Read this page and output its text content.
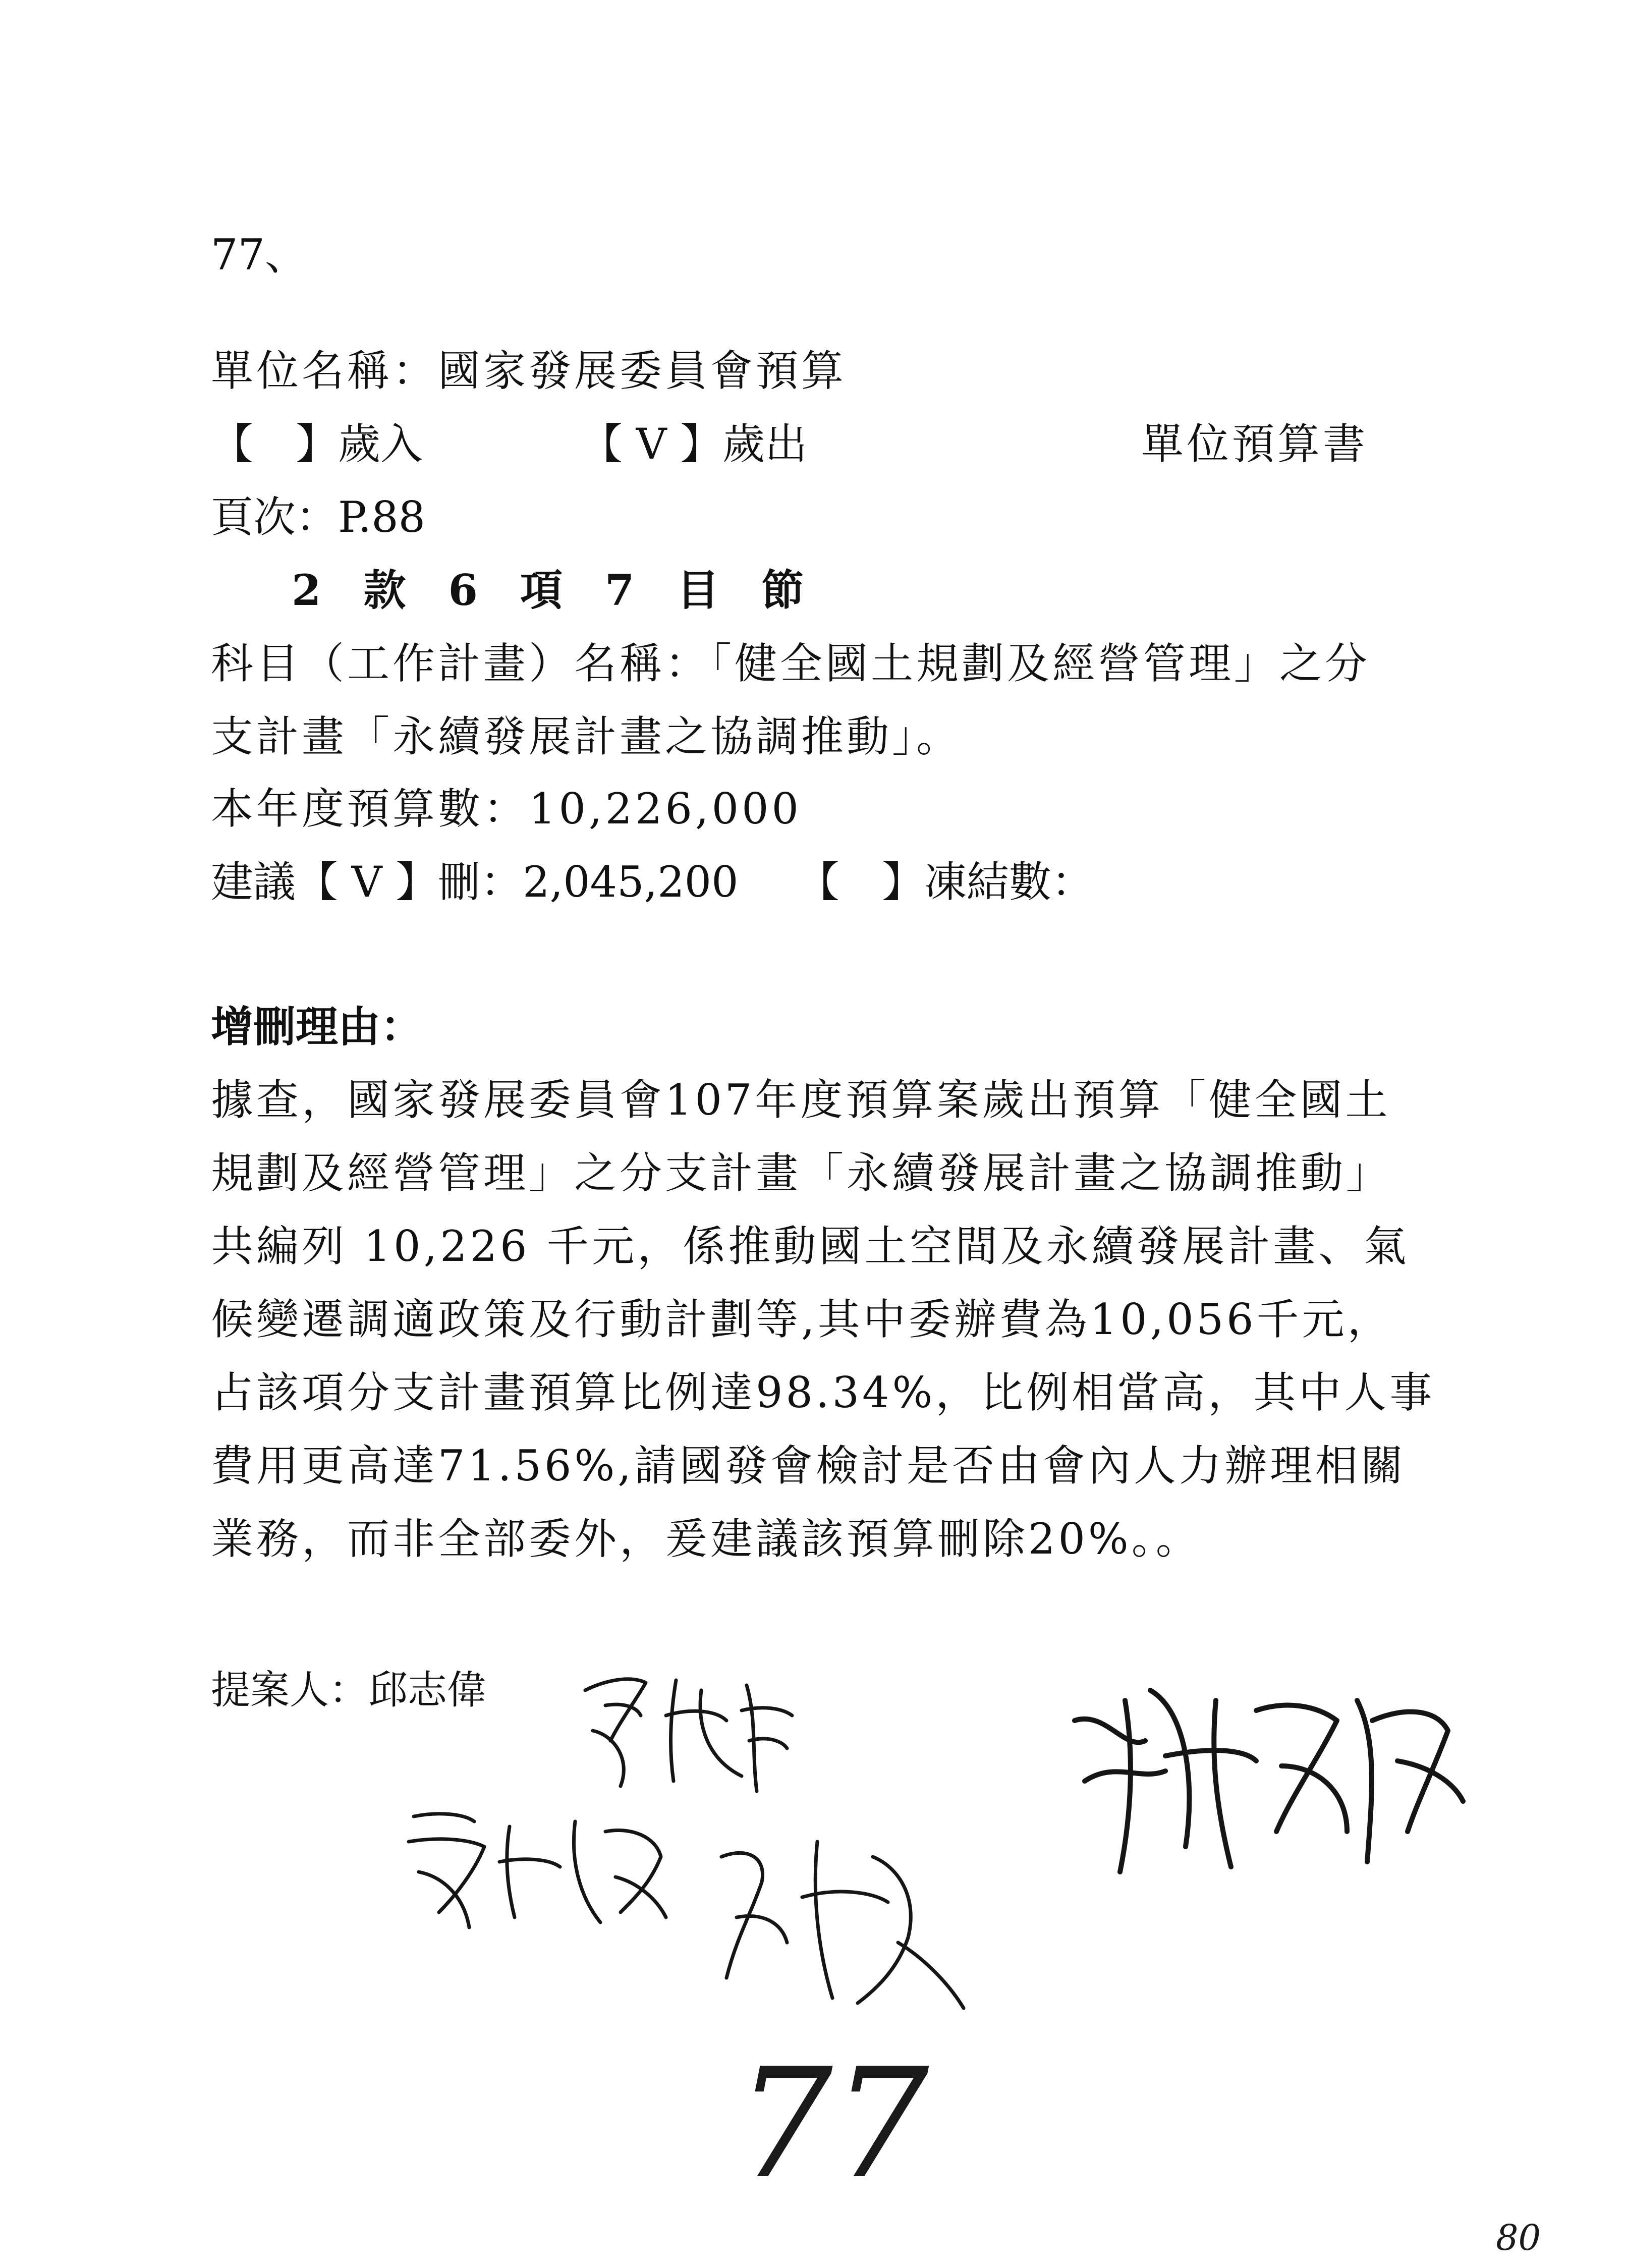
77、
單位名稱：國家發展委員會預算
【　】歲入	【 V 】歲出	單位預算書
頁次：P.88
2　款　6　項　7　目　節
科目（工作計畫）名稱：「健全國土規劃及經營管理」之分
支計畫「永續發展計畫之協調推動」。
本年度預算數：10,226,000
建議【 V 】刪：2,045,200 【　】凍結數：
增刪理由：
據查，國家發展委員會107年度預算案歲出預算「健全國土
規劃及經營管理」之分支計畫「永續發展計畫之協調推動」
共編列 10,226 千元，係推動國土空間及永續發展計畫、氣
候變遷調適政策及行動計劃等,其中委辦費為10,056千元，
占該項分支計畫預算比例達98.34%，比例相當高，其中人事
費用更高達71.56%,請國發會檢討是否由會內人力辦理相關
業務，而非全部委外，爰建議該預算刪除20%。。
提案人：邱志偉
77
80
